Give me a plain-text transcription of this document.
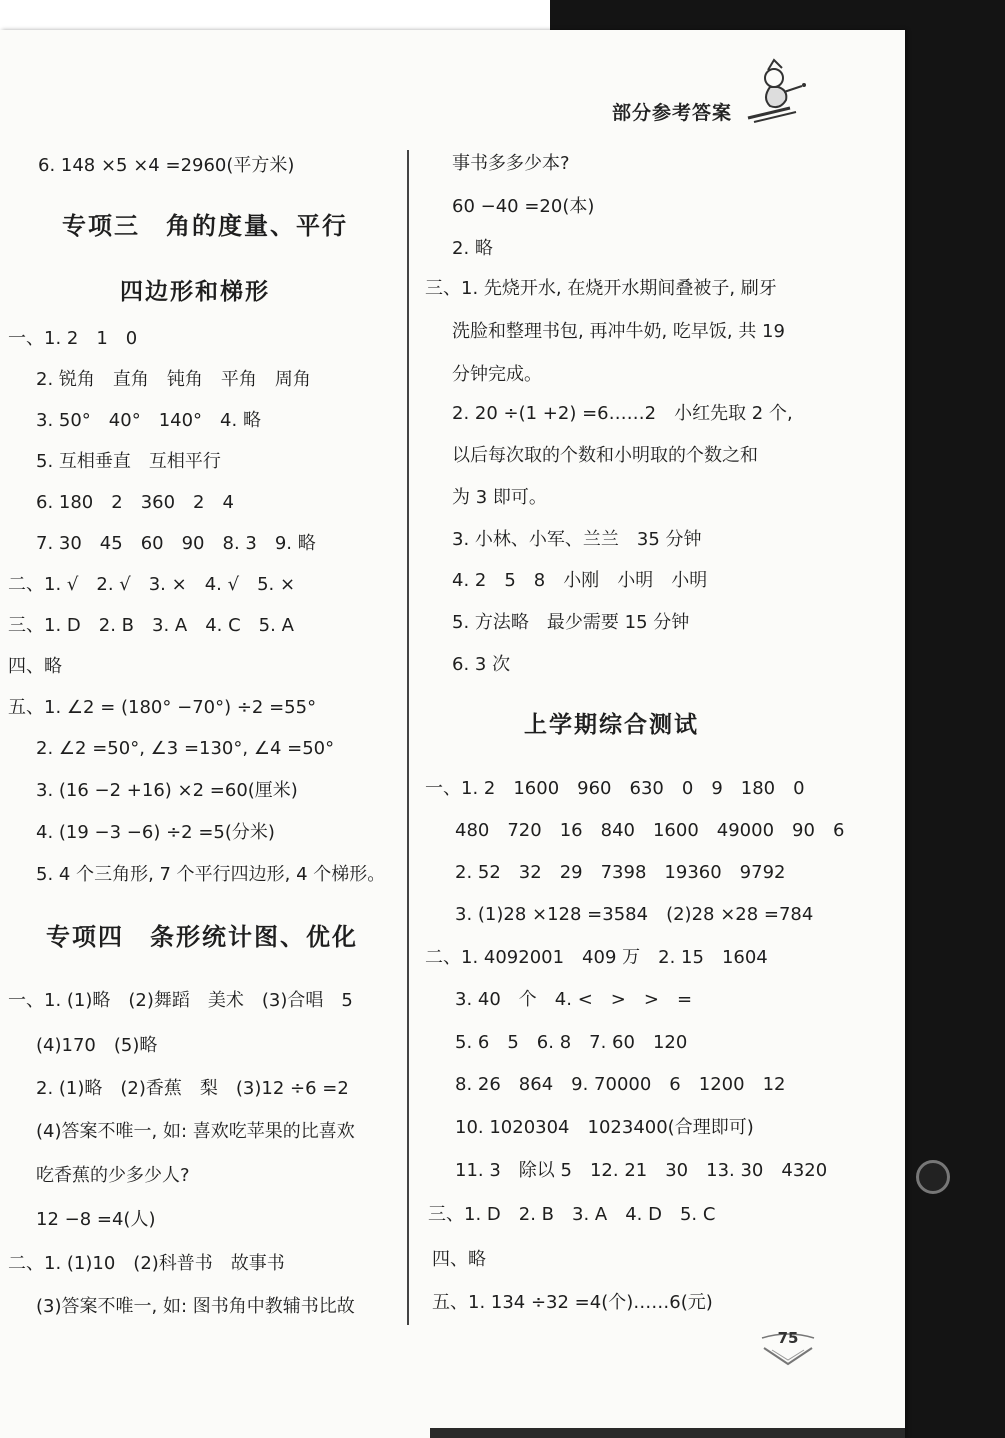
部分参考答案
6. 148 ×5 ×4 =2960(平方米)
专项三　角的度量、平行
四边形和梯形
一、1. 2　1　0
2. 锐角　直角　钝角　平角　周角
3. 50°　40°　140°　4. 略
5. 互相垂直　互相平行
6. 180　2　360　2　4
7. 30　45　60　90　8. 3　9. 略
二、1. √　2. √　3. ×　4. √　5. ×
三、1. D　2. B　3. A　4. C　5. A
四、略
五、1. ∠2 = (180° −70°) ÷2 =55°
2. ∠2 =50°, ∠3 =130°, ∠4 =50°
3. (16 −2 +16) ×2 =60(厘米)
4. (19 −3 −6) ÷2 =5(分米)
5. 4 个三角形, 7 个平行四边形, 4 个梯形。
专项四　条形统计图、优化
一、1. (1)略　(2)舞蹈　美术　(3)合唱　5
(4)170　(5)略
2. (1)略　(2)香蕉　梨　(3)12 ÷6 =2
(4)答案不唯一, 如: 喜欢吃苹果的比喜欢
吃香蕉的少多少人?
12 −8 =4(人)
二、1. (1)10　(2)科普书　故事书
(3)答案不唯一, 如: 图书角中教辅书比故
事书多多少本?
60 −40 =20(本)
2. 略
三、1. 先烧开水, 在烧开水期间叠被子, 刷牙
洗脸和整理书包, 再冲牛奶, 吃早饭, 共 19
分钟完成。
2. 20 ÷(1 +2) =6……2　小红先取 2 个,
以后每次取的个数和小明取的个数之和
为 3 即可。
3. 小林、小军、兰兰　35 分钟
4. 2　5　8　小刚　小明　小明
5. 方法略　最少需要 15 分钟
6. 3 次
上学期综合测试
一、1. 2　1600　960　630　0　9　180　0
480　720　16　840　1600　49000　90　6
2. 52　32　29　7398　19360　9792
3. (1)28 ×128 =3584　(2)28 ×28 =784
二、1. 4092001　409 万　2. 15　1604
3. 40　个　4. <　>　>　=
5. 6　5　6. 8　7. 60　120
8. 26　864　9. 70000　6　1200　12
10. 1020304　1023400(合理即可)
11. 3　除以 5　12. 21　30　13. 30　4320
三、1. D　2. B　3. A　4. D　5. C
四、略
五、1. 134 ÷32 =4(个)……6(元)
75
